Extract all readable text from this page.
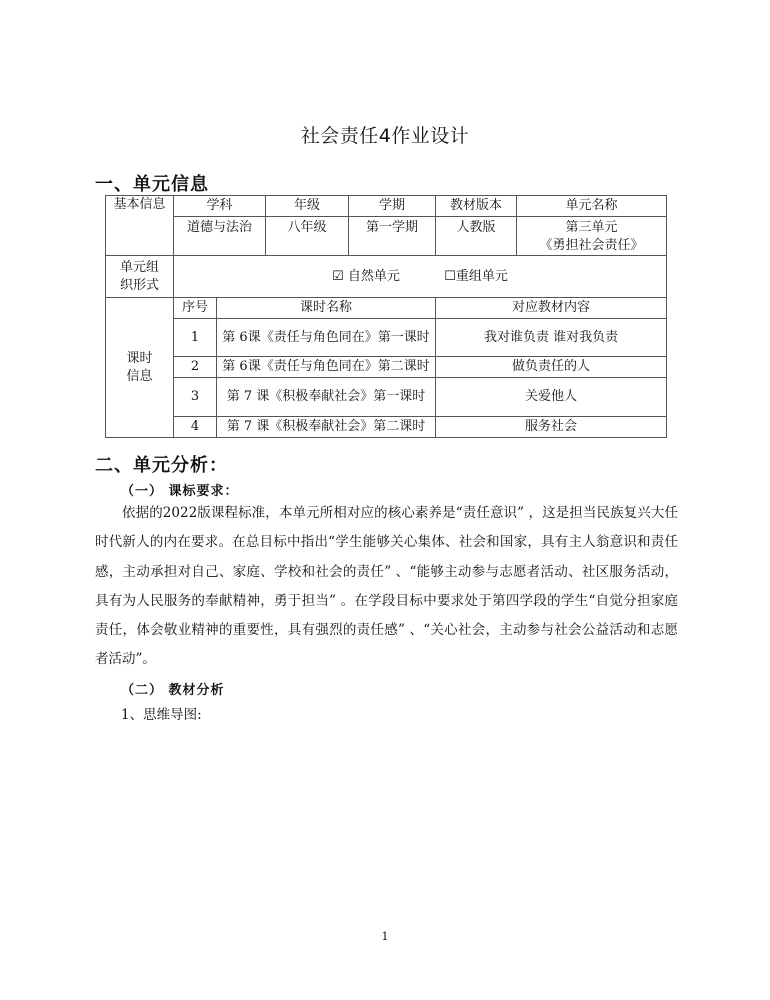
社会责任4作业设计
一、单元信息
基本信息	学科		年级	学期	教材版本	单元名称
	道德与法治		八年级	第一学期	人教版	第三单元
《勇担社会责任》

单元组
织形式	☑ 自然单元 ☐重组单元					

课时
信息	序号	课时名称			对应教材内容	
	1	第 6课《责任与角色同在》第一课时			我对谁负责 谁对我负责	
	2	第 6课《责任与角色同在》第二课时			做负责任的人	
	3	第 7 课《积极奉献社会》第一课时			关爱他人	
	4	第 7 课《积极奉献社会》第二课时			服务社会	
二、单元分析：
（一） 课标要求：

依据的2022版课程标准，本单元所相对应的核心素养是“责任意识” ，这是担当民族复兴大任时代新人的内在要求。在总目标中指出“学生能够关心集体、社会和国家，具有主人翁意识和责任感，主动承担对自己、家庭、学校和社会的责任” 、“能够主动参与志愿者活动、社区服务活动，具有为人民服务的奉献精神，勇于担当” 。在学段目标中要求处于第四学段的学生“自觉分担家庭责任，体会敬业精神的重要性，具有强烈的责任感” 、“关心社会，主动参与社会公益活动和志愿者活动”。

（二） 教材分析
1、思维导图:
1
